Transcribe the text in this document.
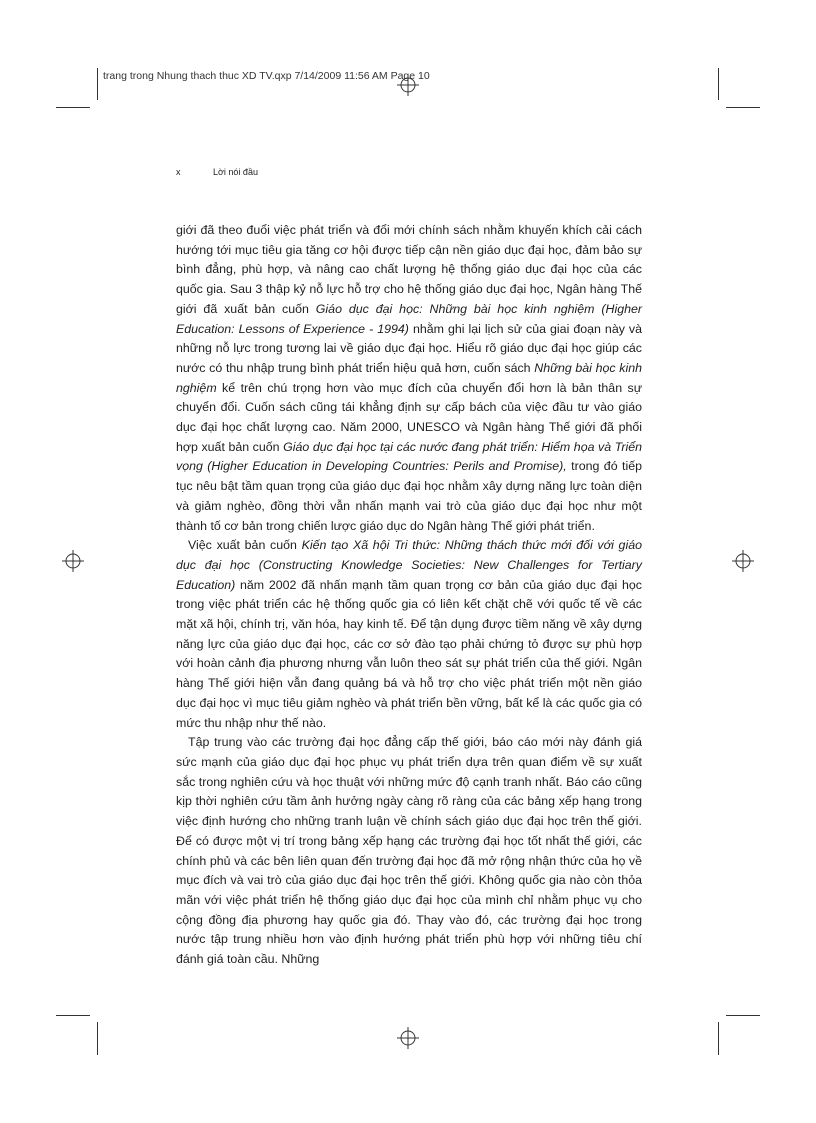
trang trong Nhung thach thuc XD TV.qxp 7/14/2009 11:56 AM Page 10
x	Lời nói đầu

giới đã theo đuổi việc phát triển và đổi mới chính sách nhằm khuyến khích cải cách hướng tới mục tiêu gia tăng cơ hội được tiếp cận nền giáo dục đại học, đảm bảo sự bình đẳng, phù hợp, và nâng cao chất lượng hệ thống giáo dục đại học của các quốc gia. Sau 3 thập kỷ nỗ lực hỗ trợ cho hệ thống giáo dục đại học, Ngân hàng Thế giới đã xuất bản cuốn Giáo dục đại học: Những bài học kinh nghiệm (Higher Education: Lessons of Experience - 1994) nhằm ghi lại lịch sử của giai đoạn này và những nỗ lực trong tương lai về giáo dục đại học. Hiểu rõ giáo dục đại học giúp các nước có thu nhập trung bình phát triển hiệu quả hơn, cuốn sách Những bài học kinh nghiệm kể trên chú trọng hơn vào mục đích của chuyển đổi hơn là bản thân sự chuyển đổi. Cuốn sách cũng tái khẳng định sự cấp bách của việc đầu tư vào giáo dục đại học chất lượng cao. Năm 2000, UNESCO và Ngân hàng Thế giới đã phối hợp xuất bản cuốn Giáo dục đại học tại các nước đang phát triển: Hiểm họa và Triển vọng (Higher Education in Developing Countries: Perils and Promise), trong đó tiếp tục nêu bật tầm quan trọng của giáo dục đại học nhằm xây dựng năng lực toàn diện và giảm nghèo, đồng thời vẫn nhấn mạnh vai trò của giáo dục đại học như một thành tố cơ bản trong chiến lược giáo dục do Ngân hàng Thế giới phát triển.

Việc xuất bản cuốn Kiến tạo Xã hội Tri thức: Những thách thức mới đối với giáo dục đại học (Constructing Knowledge Societies: New Challenges for Tertiary Education) năm 2002 đã nhấn mạnh tầm quan trọng cơ bản của giáo dục đại học trong việc phát triển các hệ thống quốc gia có liên kết chặt chẽ với quốc tế về các mặt xã hội, chính trị, văn hóa, hay kinh tế. Để tận dụng được tiềm năng về xây dựng năng lực của giáo dục đại học, các cơ sở đào tạo phải chứng tỏ được sự phù hợp với hoàn cảnh địa phương nhưng vẫn luôn theo sát sự phát triển của thế giới. Ngân hàng Thế giới hiện vẫn đang quảng bá và hỗ trợ cho việc phát triển một nền giáo dục đại học vì mục tiêu giảm nghèo và phát triển bền vững, bất kể là các quốc gia có mức thu nhập như thế nào.

Tập trung vào các trường đại học đẳng cấp thế giới, báo cáo mới này đánh giá sức mạnh của giáo dục đại học phục vụ phát triển dựa trên quan điểm về sự xuất sắc trong nghiên cứu và học thuật với những mức độ cạnh tranh nhất. Báo cáo cũng kịp thời nghiên cứu tầm ảnh hưởng ngày càng rõ ràng của các bảng xếp hạng trong việc định hướng cho những tranh luận về chính sách giáo dục đại học trên thế giới. Để có được một vị trí trong bảng xếp hạng các trường đại học tốt nhất thế giới, các chính phủ và các bên liên quan đến trường đại học đã mở rộng nhận thức của họ về mục đích và vai trò của giáo dục đại học trên thế giới. Không quốc gia nào còn thỏa mãn với việc phát triển hệ thống giáo dục đại học của mình chỉ nhằm phục vụ cho cộng đồng địa phương hay quốc gia đó. Thay vào đó, các trường đại học trong nước tập trung nhiều hơn vào định hướng phát triển phù hợp với những tiêu chí đánh giá toàn cầu. Những
